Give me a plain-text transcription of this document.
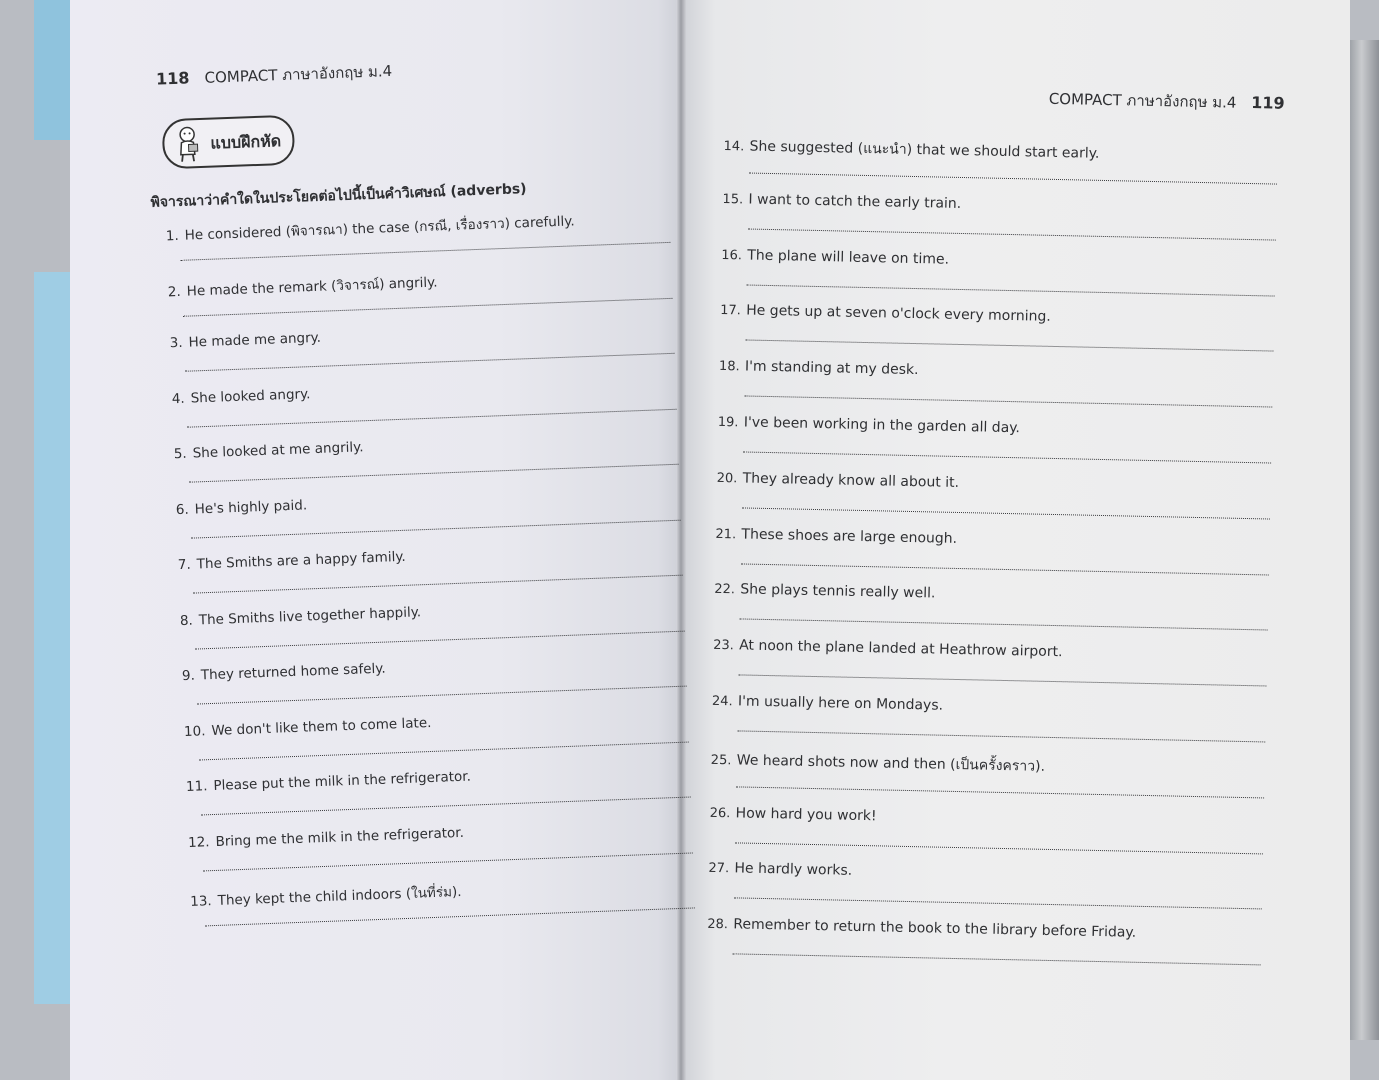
118 COMPACT ภาษาอังกฤษ ม.4
แบบฝึกหัด
พิจารณาว่าคำใดในประโยคต่อไปนี้เป็นคำวิเศษณ์ (adverbs)
1. He considered (พิจารณา) the case (กรณี, เรื่องราว) carefully.
2. He made the remark (วิจารณ์) angrily.
3. He made me angry.
4. She looked angry.
5. She looked at me angrily.
6. He's highly paid.
7. The Smiths are a happy family.
8. The Smiths live together happily.
9. They returned home safely.
10. We don't like them to come late.
11. Please put the milk in the refrigerator.
12. Bring me the milk in the refrigerator.
13. They kept the child indoors (ในที่ร่ม).
COMPACT ภาษาอังกฤษ ม.4 119
14. She suggested (แนะนำ) that we should start early.
15. I want to catch the early train.
16. The plane will leave on time.
17. He gets up at seven o'clock every morning.
18. I'm standing at my desk.
19. I've been working in the garden all day.
20. They already know all about it.
21. These shoes are large enough.
22. She plays tennis really well.
23. At noon the plane landed at Heathrow airport.
24. I'm usually here on Mondays.
25. We heard shots now and then (เป็นครั้งคราว).
26. How hard you work!
27. He hardly works.
28. Remember to return the book to the library before Friday.
